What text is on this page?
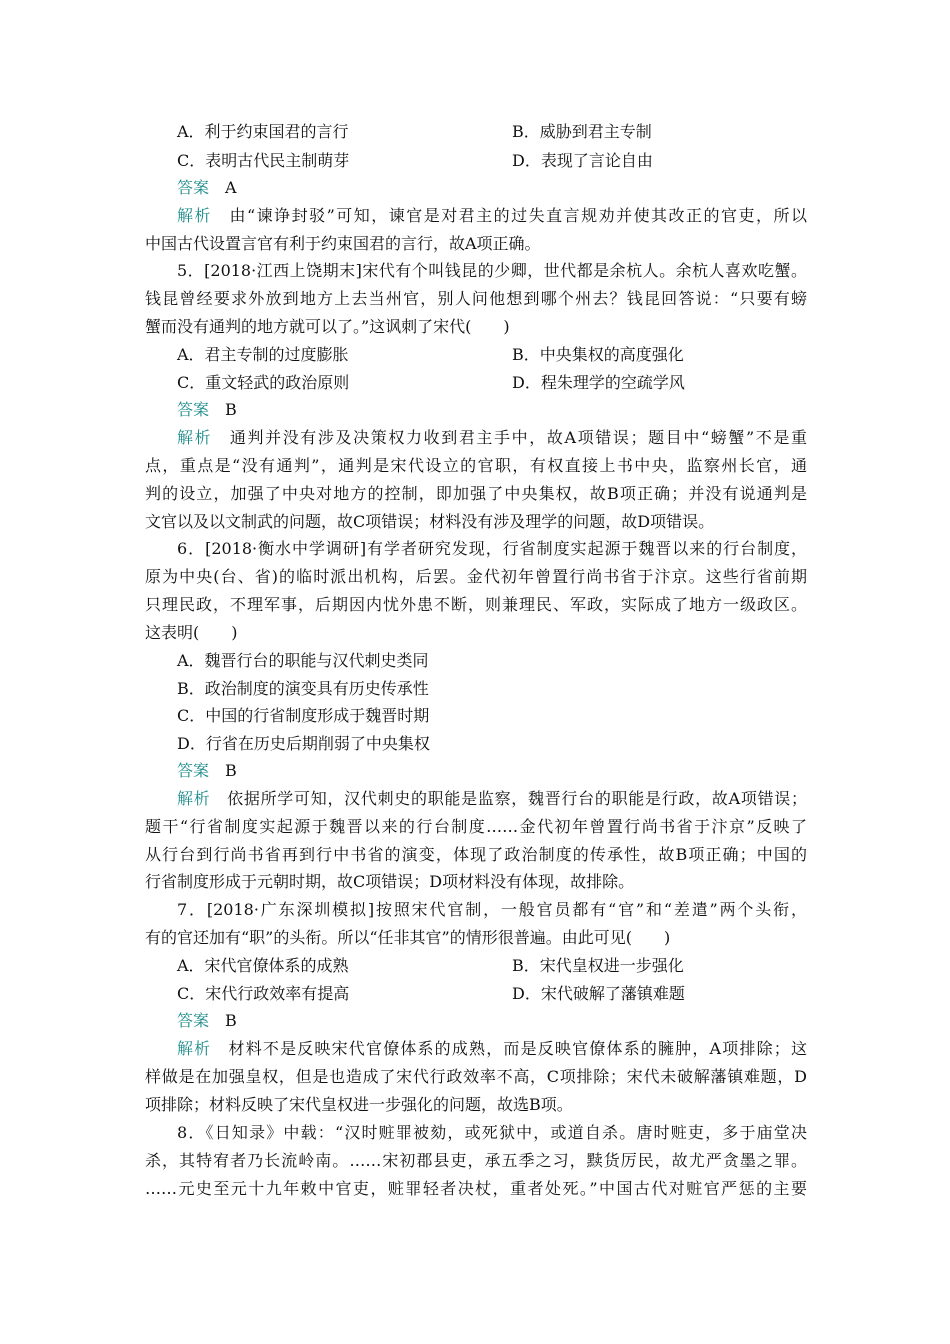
A．利于约束国君的言行	B．威胁到君主专制
C．表明古代民主制萌芽	D．表现了言论自由
答案　 A
解析　 由“谏诤封驳”可知，谏官是对君主的过失直言规劝并使其改正的官吏，所以
中国古代设置言官有利于约束国君的言行，故A项正确。
5．[2018·江西上饶期末]宋代有个叫钱昆的少卿，世代都是余杭人。余杭人喜欢吃蟹。
钱昆曾经要求外放到地方上去当州官，别人问他想到哪个州去？钱昆回答说：“只要有螃
蟹而没有通判的地方就可以了。”这讽刺了宋代(　　)
A．君主专制的过度膨胀	B．中央集权的高度强化
C．重文轻武的政治原则	D．程朱理学的空疏学风
答案　 B
解析　 通判并没有涉及决策权力收到君主手中，故A项错误；题目中“螃蟹”不是重
点，重点是“没有通判”，通判是宋代设立的官职，有权直接上书中央，监察州长官，通
判的设立，加强了中央对地方的控制，即加强了中央集权，故B项正确；并没有说通判是
文官以及以文制武的问题，故C项错误；材料没有涉及理学的问题，故D项错误。
6．[2018·衡水中学调研]有学者研究发现，行省制度实起源于魏晋以来的行台制度，
原为中央(台、省)的临时派出机构，后罢。金代初年曾置行尚书省于汴京。这些行省前期
只理民政，不理军事，后期因内忧外患不断，则兼理民、军政，实际成了地方一级政区。
这表明(　　)
A．魏晋行台的职能与汉代刺史类同
B．政治制度的演变具有历史传承性
C．中国的行省制度形成于魏晋时期
D．行省在历史后期削弱了中央集权
答案　 B
解析　 依据所学可知，汉代刺史的职能是监察，魏晋行台的职能是行政，故A项错误；
题干“行省制度实起源于魏晋以来的行台制度……金代初年曾置行尚书省于汴京”反映了
从行台到行尚书省再到行中书省的演变，体现了政治制度的传承性，故B项正确；中国的
行省制度形成于元朝时期，故C项错误；D项材料没有体现，故排除。
7．[2018·广东深圳模拟]按照宋代官制，一般官员都有“官”和“差遣”两个头衔，
有的官还加有“职”的头衔。所以“任非其官”的情形很普遍。由此可见(　　)
A．宋代官僚体系的成熟	B．宋代皇权进一步强化
C．宋代行政效率有提高	D．宋代破解了藩镇难题
答案　 B
解析　 材料不是反映宋代官僚体系的成熟，而是反映官僚体系的臃肿，A项排除；这
样做是在加强皇权，但是也造成了宋代行政效率不高，C项排除；宋代未破解藩镇难题，D
项排除；材料反映了宋代皇权进一步强化的问题，故选B项。
8．《日知录》中载：“汉时赃罪被劾，或死狱中，或道自杀。唐时赃吏，多于庙堂决
杀，其特宥者乃长流岭南。……宋初郡县吏，承五季之习，黩货厉民，故尤严贪墨之罪。
……元史至元十九年敕中官吏，赃罪轻者决杖，重者处死。”中国古代对赃官严惩的主要
